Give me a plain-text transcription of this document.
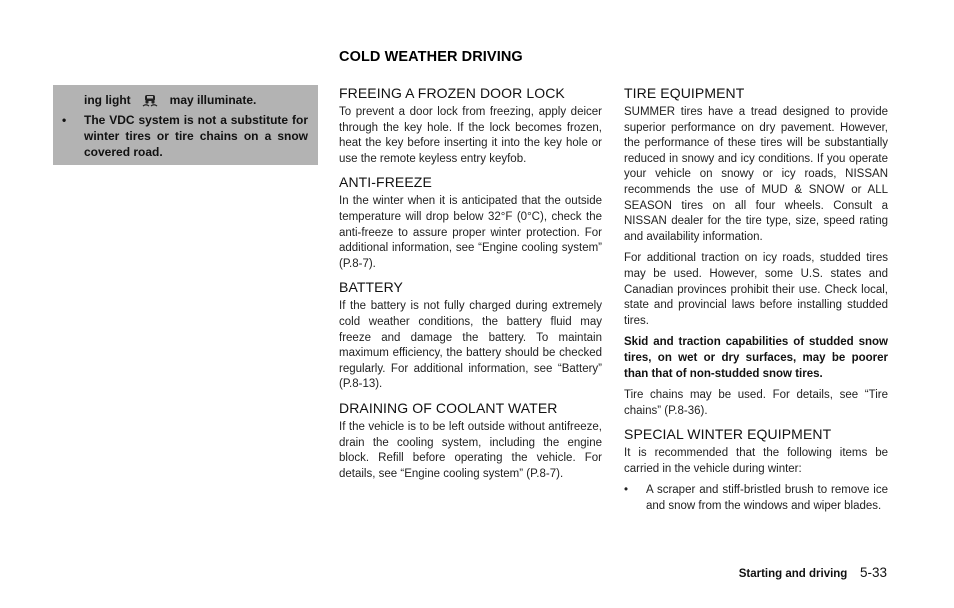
COLD WEATHER DRIVING
ing light	may illuminate.
• The VDC system is not a substitute for winter tires or tire chains on a snow covered road.
FREEING A FROZEN DOOR LOCK

To prevent a door lock from freezing, apply deicer through the key hole. If the lock becomes frozen, heat the key before inserting it into the key hole or use the remote keyless entry keyfob.

ANTI-FREEZE

In the winter when it is anticipated that the outside temperature will drop below 32°F (0°C), check the anti-freeze to assure proper winter protection. For additional information, see “Engine cooling system” (P.8-7).

BATTERY

If the battery is not fully charged during extremely cold weather conditions, the battery fluid may freeze and damage the battery. To maintain maximum efficiency, the battery should be checked regularly. For additional information, see “Battery” (P.8-13).

DRAINING OF COOLANT WATER

If the vehicle is to be left outside without antifreeze, drain the cooling system, including the engine block. Refill before operating the vehicle. For details, see “Engine cooling system” (P.8-7).

TIRE EQUIPMENT

SUMMER tires have a tread designed to provide superior performance on dry pavement. However, the performance of these tires will be substantially reduced in snowy and icy conditions. If you operate your vehicle on snowy or icy roads, NISSAN recommends the use of MUD & SNOW or ALL SEASON tires on all four wheels. Consult a NISSAN dealer for the tire type, size, speed rating and availability information.

For additional traction on icy roads, studded tires may be used. However, some U.S. states and Canadian provinces prohibit their use. Check local, state and provincial laws before installing studded tires.

Skid and traction capabilities of studded snow tires, on wet or dry surfaces, may be poorer than that of non-studded snow tires.

Tire chains may be used. For details, see “Tire chains” (P.8-36).

SPECIAL WINTER EQUIPMENT

It is recommended that the following items be carried in the vehicle during winter:

• A scraper and stiff-bristled brush to remove ice and snow from the windows and wiper blades.
Starting and driving 5-33
